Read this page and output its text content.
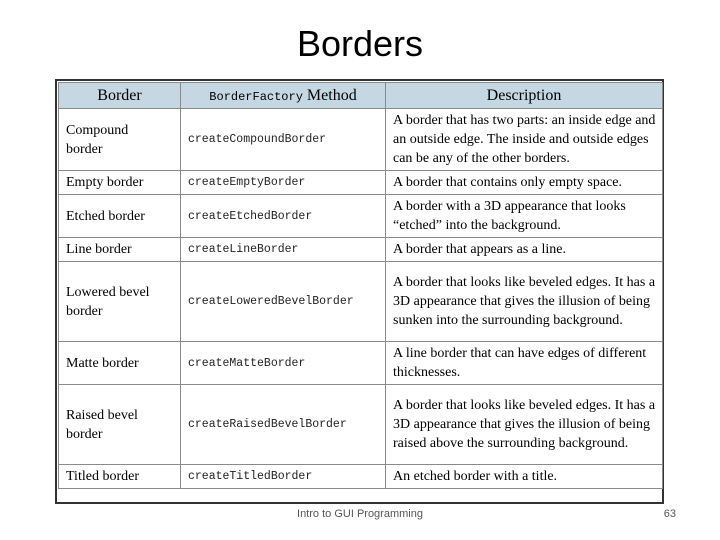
Borders
Border	BorderFactory Method	Description
Compound border	createCompoundBorder	A border that has two parts: an inside edge and an outside edge. The inside and outside edges can be any of the other borders.
Empty border	createEmptyBorder	A border that contains only empty space.
Etched border	createEtchedBorder	A border with a 3D appearance that looks “etched” into the background.
Line border	createLineBorder	A border that appears as a line.
Lowered bevel border	createLoweredBevelBorder	A border that looks like beveled edges. It has a 3D appearance that gives the illusion of being sunken into the surrounding background.
Matte border	createMatteBorder	A line border that can have edges of different thicknesses.
Raised bevel border	createRaisedBevelBorder	A border that looks like beveled edges. It has a 3D appearance that gives the illusion of being raised above the surrounding background.
Titled border	createTitledBorder	An etched border with a title.
Intro to GUI Programming	63
